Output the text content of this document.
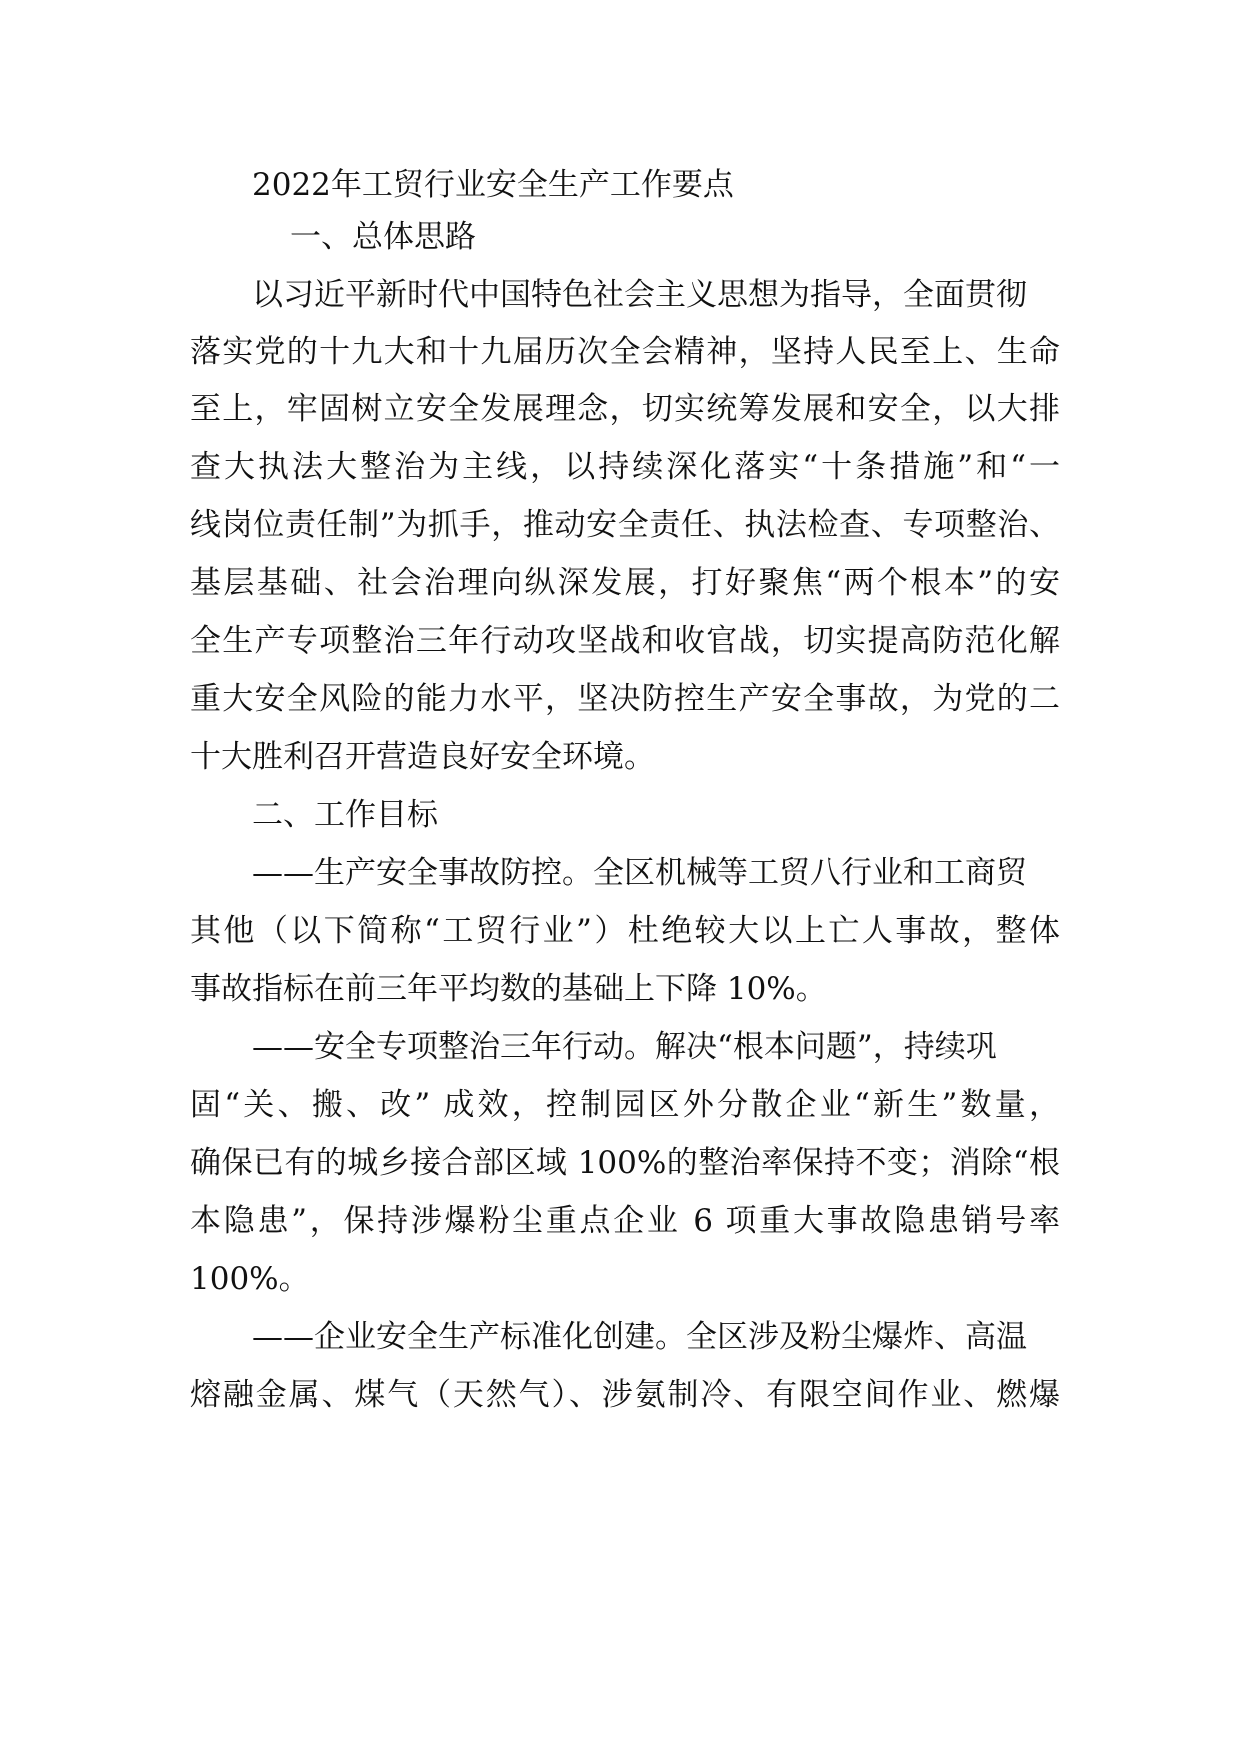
2022年工贸行业安全生产工作要点
一、总体思路
以习近平新时代中国特色社会主义思想为指导，全面贯彻
落实党的十九大和十九届历次全会精神，坚持人民至上、生命
至上，牢固树立安全发展理念，切实统筹发展和安全，以大排
查大执法大整治为主线，以持续深化落实“十条措施”和“一
线岗位责任制”为抓手，推动安全责任、执法检查、专项整治、
基层基础、社会治理向纵深发展，打好聚焦“两个根本”的安
全生产专项整治三年行动攻坚战和收官战，切实提高防范化解
重大安全风险的能力水平，坚决防控生产安全事故，为党的二
十大胜利召开营造良好安全环境。
二、工作目标
——生产安全事故防控。全区机械等工贸八行业和工商贸
其他（以下简称“工贸行业”）杜绝较大以上亡人事故，整体
事故指标在前三年平均数的基础上下降 10%。
——安全专项整治三年行动。解决“根本问题”，持续巩
固“关、搬、改” 成效，控制园区外分散企业“新生”数量，
确保已有的城乡接合部区域 100%的整治率保持不变；消除“根
本隐患”，保持涉爆粉尘重点企业 6 项重大事故隐患销号率
100%。
——企业安全生产标准化创建。全区涉及粉尘爆炸、高温
熔融金属、煤气（天然气）、涉氨制冷、有限空间作业、燃爆
